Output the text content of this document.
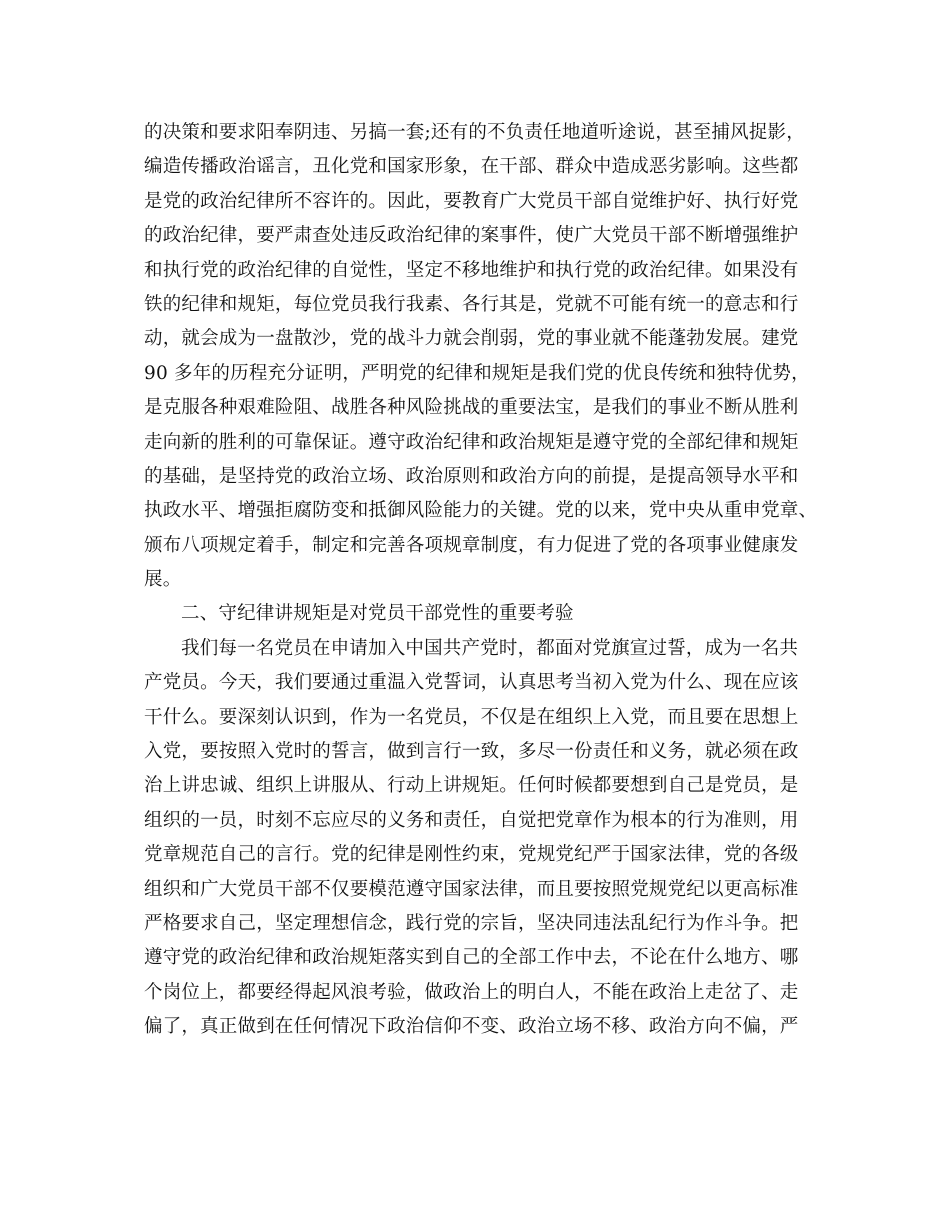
的决策和要求阳奉阴违、另搞一套;还有的不负责任地道听途说，甚至捕风捉影，
编造传播政治谣言，丑化党和国家形象，在干部、群众中造成恶劣影响。这些都
是党的政治纪律所不容许的。因此，要教育广大党员干部自觉维护好、执行好党
的政治纪律，要严肃查处违反政治纪律的案事件，使广大党员干部不断增强维护
和执行党的政治纪律的自觉性，坚定不移地维护和执行党的政治纪律。如果没有
铁的纪律和规矩，每位党员我行我素、各行其是，党就不可能有统一的意志和行
动，就会成为一盘散沙，党的战斗力就会削弱，党的事业就不能蓬勃发展。建党
90 多年的历程充分证明，严明党的纪律和规矩是我们党的优良传统和独特优势，
是克服各种艰难险阻、战胜各种风险挑战的重要法宝，是我们的事业不断从胜利
走向新的胜利的可靠保证。遵守政治纪律和政治规矩是遵守党的全部纪律和规矩
的基础，是坚持党的政治立场、政治原则和政治方向的前提，是提高领导水平和
执政水平、增强拒腐防变和抵御风险能力的关键。党的以来，党中央从重申党章、
颁布八项规定着手，制定和完善各项规章制度，有力促进了党的各项事业健康发
展。
二、守纪律讲规矩是对党员干部党性的重要考验
我们每一名党员在申请加入中国共产党时，都面对党旗宣过誓，成为一名共
产党员。今天，我们要通过重温入党誓词，认真思考当初入党为什么、现在应该
干什么。要深刻认识到，作为一名党员，不仅是在组织上入党，而且要在思想上
入党，要按照入党时的誓言，做到言行一致，多尽一份责任和义务，就必须在政
治上讲忠诚、组织上讲服从、行动上讲规矩。任何时候都要想到自己是党员，是
组织的一员，时刻不忘应尽的义务和责任，自觉把党章作为根本的行为准则，用
党章规范自己的言行。党的纪律是刚性约束，党规党纪严于国家法律，党的各级
组织和广大党员干部不仅要模范遵守国家法律，而且要按照党规党纪以更高标准
严格要求自己，坚定理想信念，践行党的宗旨，坚决同违法乱纪行为作斗争。把
遵守党的政治纪律和政治规矩落实到自己的全部工作中去，不论在什么地方、哪
个岗位上，都要经得起风浪考验，做政治上的明白人，不能在政治上走岔了、走
偏了，真正做到在任何情况下政治信仰不变、政治立场不移、政治方向不偏，严
